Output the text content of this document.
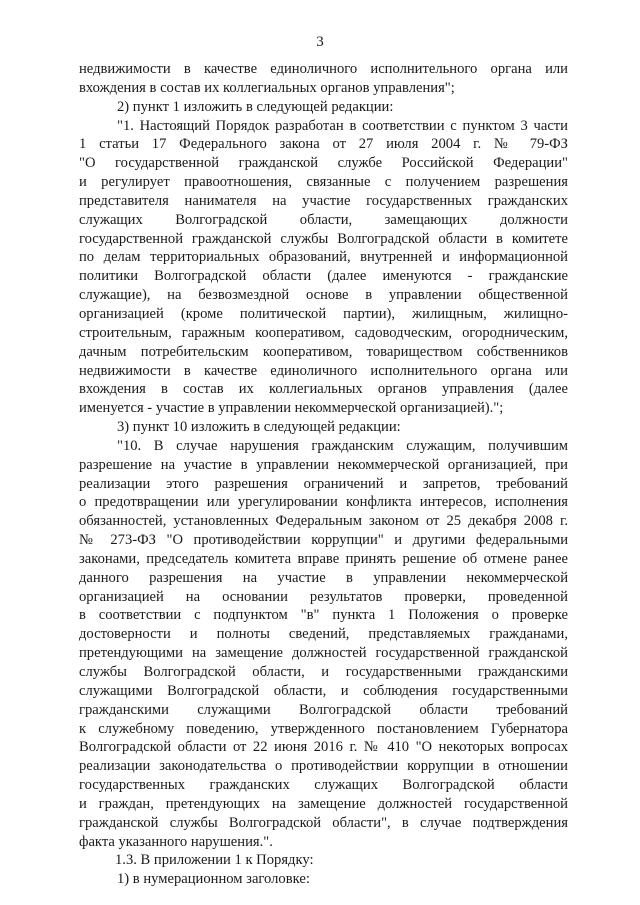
3
недвижимости в качестве единоличного исполнительного органа или
вхождения в состав их коллегиальных органов управления";
2) пункт 1 изложить в следующей редакции:
"1. Настоящий Порядок разработан в соответствии с пунктом 3 части
1 статьи 17 Федерального закона от 27 июля 2004 г. № 79-ФЗ
"О государственной гражданской службе Российской Федерации"
и регулирует правоотношения, связанные с получением разрешения
представителя нанимателя на участие государственных гражданских
служащих Волгоградской области, замещающих должности
государственной гражданской службы Волгоградской области в комитете
по делам территориальных образований, внутренней и информационной
политики Волгоградской области (далее именуются - гражданские
служащие), на безвозмездной основе в управлении общественной
организацией (кроме политической партии), жилищным, жилищно-
строительным, гаражным кооперативом, садоводческим, огородническим,
дачным потребительским кооперативом, товариществом собственников
недвижимости в качестве единоличного исполнительного органа или
вхождения в состав их коллегиальных органов управления (далее
именуется - участие в управлении некоммерческой организацией).";
3) пункт 10 изложить в следующей редакции:
"10. В случае нарушения гражданским служащим, получившим
разрешение на участие в управлении некоммерческой организацией, при
реализации этого разрешения ограничений и запретов, требований
о предотвращении или урегулировании конфликта интересов, исполнения
обязанностей, установленных Федеральным законом от 25 декабря 2008 г.
№ 273-ФЗ "О противодействии коррупции" и другими федеральными
законами, председатель комитета вправе принять решение об отмене ранее
данного разрешения на участие в управлении некоммерческой
организацией на основании результатов проверки, проведенной
в соответствии с подпунктом "в" пункта 1 Положения о проверке
достоверности и полноты сведений, представляемых гражданами,
претендующими на замещение должностей государственной гражданской
службы Волгоградской области, и государственными гражданскими
служащими Волгоградской области, и соблюдения государственными
гражданскими служащими Волгоградской области требований
к служебному поведению, утвержденного постановлением Губернатора
Волгоградской области от 22 июня 2016 г. № 410 "О некоторых вопросах
реализации законодательства о противодействии коррупции в отношении
государственных гражданских служащих Волгоградской области
и граждан, претендующих на замещение должностей государственной
гражданской службы Волгоградской области", в случае подтверждения
факта указанного нарушения.".
1.3. В приложении 1 к Порядку:
1) в нумерационном заголовке:
